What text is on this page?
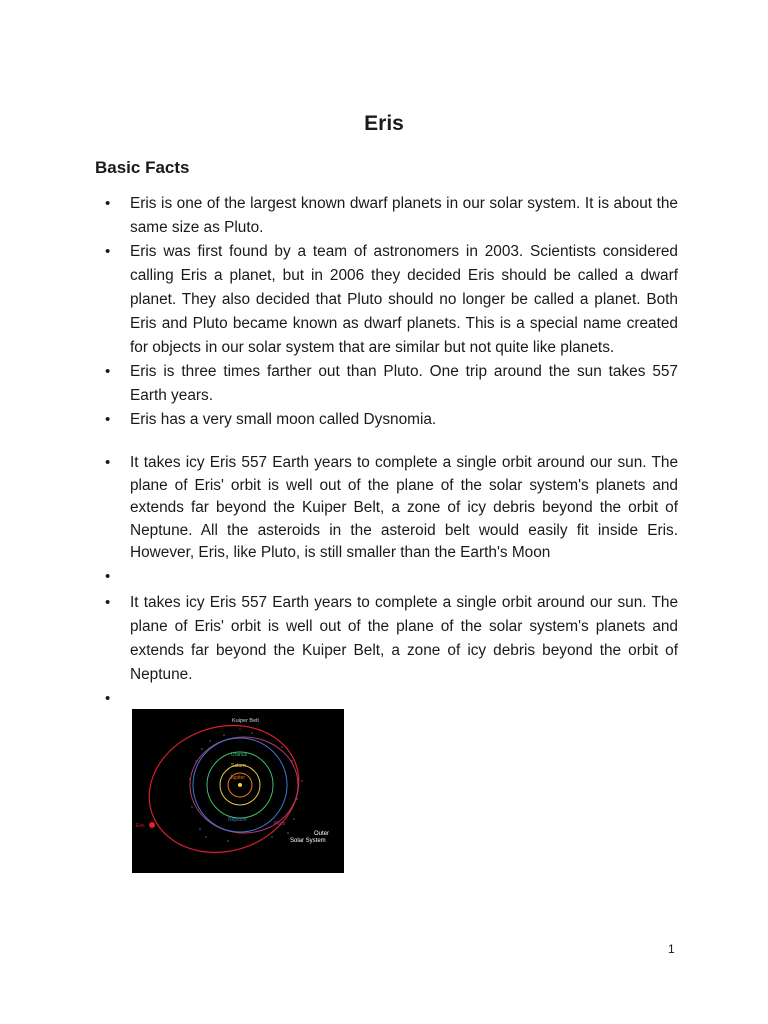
Eris
Basic Facts
• Eris is one of the largest known dwarf planets in our solar system. It is about the same size as Pluto.
• Eris was first found by a team of astronomers in 2003. Scientists considered calling Eris a planet, but in 2006 they decided Eris should be called a dwarf planet. They also decided that Pluto should no longer be called a planet. Both Eris and Pluto became known as dwarf planets. This is a special name created for objects in our solar system that are similar but not quite like planets.
• Eris is three times farther out than Pluto. One trip around the sun takes 557 Earth years.
• Eris has a very small moon called Dysnomia.
• It takes icy Eris 557 Earth years to complete a single orbit around our sun. The plane of Eris' orbit is well out of the plane of the solar system's planets and extends far beyond the Kuiper Belt, a zone of icy debris beyond the orbit of Neptune. All the asteroids in the asteroid belt would easily fit inside Eris. However, Eris, like Pluto, is still smaller than the Earth's Moon
•
• It takes icy Eris 557 Earth years to complete a single orbit around our sun. The plane of Eris' orbit is well out of the plane of the solar system's planets and extends far beyond the Kuiper Belt, a zone of icy debris beyond the orbit of Neptune.
•
Kuiper Belt
Uranus
Saturn
Jupiter
Neptune
Pluto
Eris
Outer
Solar System

1
